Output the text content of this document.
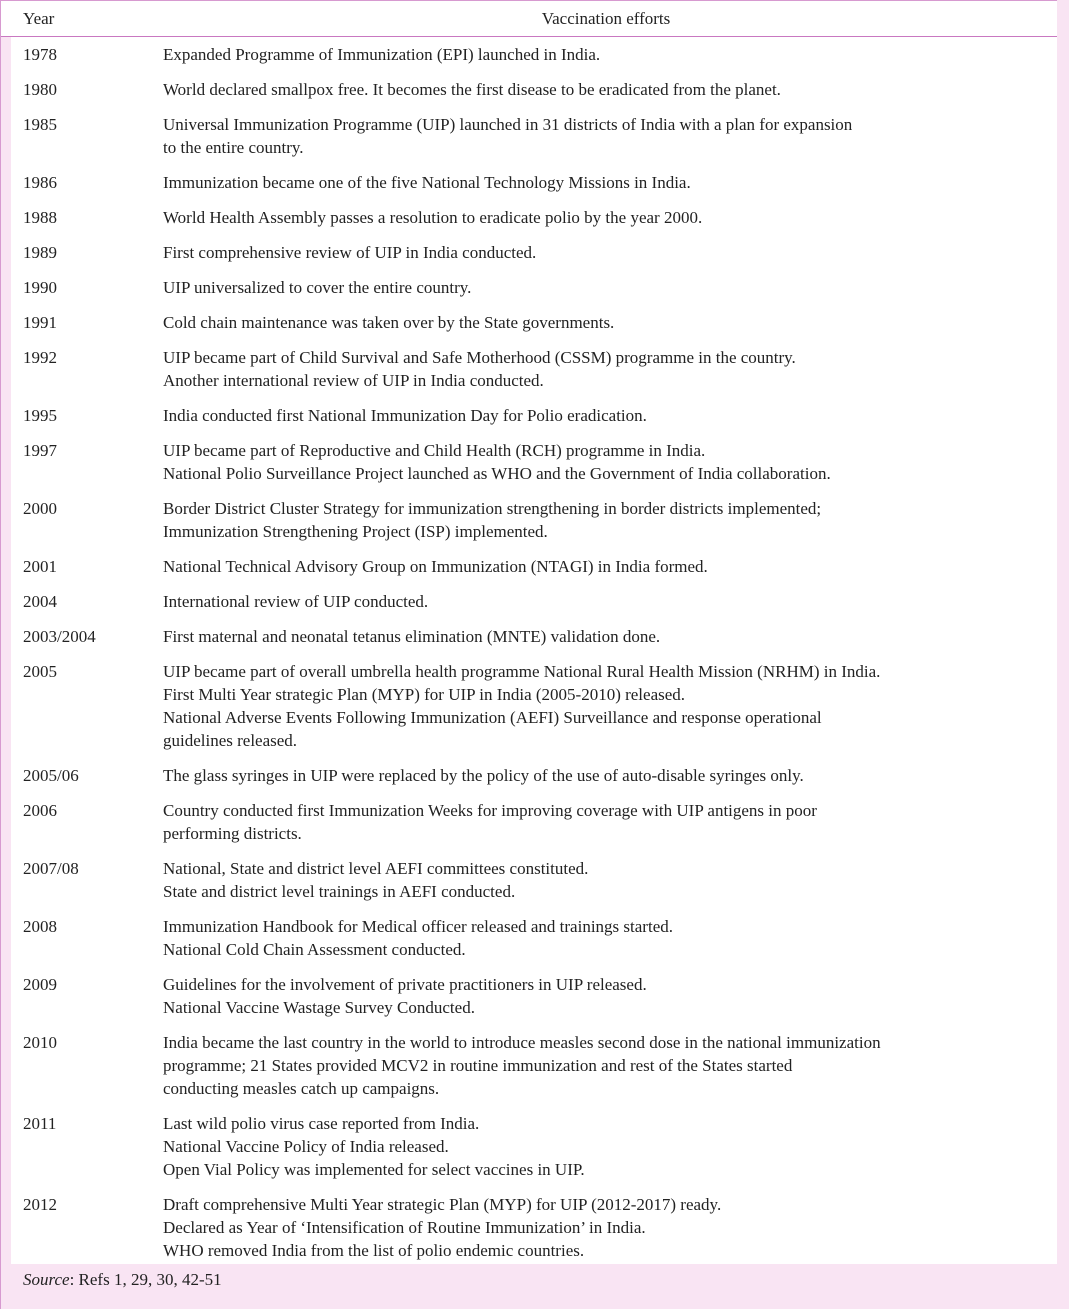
Year	Vaccination efforts
1978	Expanded Programme of Immunization (EPI) launched in India.
1980	World declared smallpox free. It becomes the first disease to be eradicated from the planet.
1985	Universal Immunization Programme (UIP) launched in 31 districts of India with a plan for expansion
to the entire country.
1986	Immunization became one of the five National Technology Missions in India.
1988	World Health Assembly passes a resolution to eradicate polio by the year 2000.
1989	First comprehensive review of UIP in India conducted.
1990	UIP universalized to cover the entire country.
1991	Cold chain maintenance was taken over by the State governments.
1992	UIP became part of Child Survival and Safe Motherhood (CSSM) programme in the country.
Another international review of UIP in India conducted.
1995	India conducted first National Immunization Day for Polio eradication.
1997	UIP became part of Reproductive and Child Health (RCH) programme in India.
National Polio Surveillance Project launched as WHO and the Government of India collaboration.
2000	Border District Cluster Strategy for immunization strengthening in border districts implemented;
Immunization Strengthening Project (ISP) implemented.
2001	National Technical Advisory Group on Immunization (NTAGI) in India formed.
2004	International review of UIP conducted.
2003/2004	First maternal and neonatal tetanus elimination (MNTE) validation done.
2005	UIP became part of overall umbrella health programme National Rural Health Mission (NRHM) in India.
First Multi Year strategic Plan (MYP) for UIP in India (2005-2010) released.
National Adverse Events Following Immunization (AEFI) Surveillance and response operational
guidelines released.
2005/06	The glass syringes in UIP were replaced by the policy of the use of auto-disable syringes only.
2006	Country conducted first Immunization Weeks for improving coverage with UIP antigens in poor
performing districts.
2007/08	National, State and district level AEFI committees constituted.
State and district level trainings in AEFI conducted.
2008	Immunization Handbook for Medical officer released and trainings started.
National Cold Chain Assessment conducted.
2009	Guidelines for the involvement of private practitioners in UIP released.
National Vaccine Wastage Survey Conducted.
2010	India became the last country in the world to introduce measles second dose in the national immunization
programme; 21 States provided MCV2 in routine immunization and rest of the States started
conducting measles catch up campaigns.
2011	Last wild polio virus case reported from India.
National Vaccine Policy of India released.
Open Vial Policy was implemented for select vaccines in UIP.
2012	Draft comprehensive Multi Year strategic Plan (MYP) for UIP (2012-2017) ready.
Declared as Year of ‘Intensification of Routine Immunization’ in India.
WHO removed India from the list of polio endemic countries.
Source: Refs 1, 29, 30, 42-51
